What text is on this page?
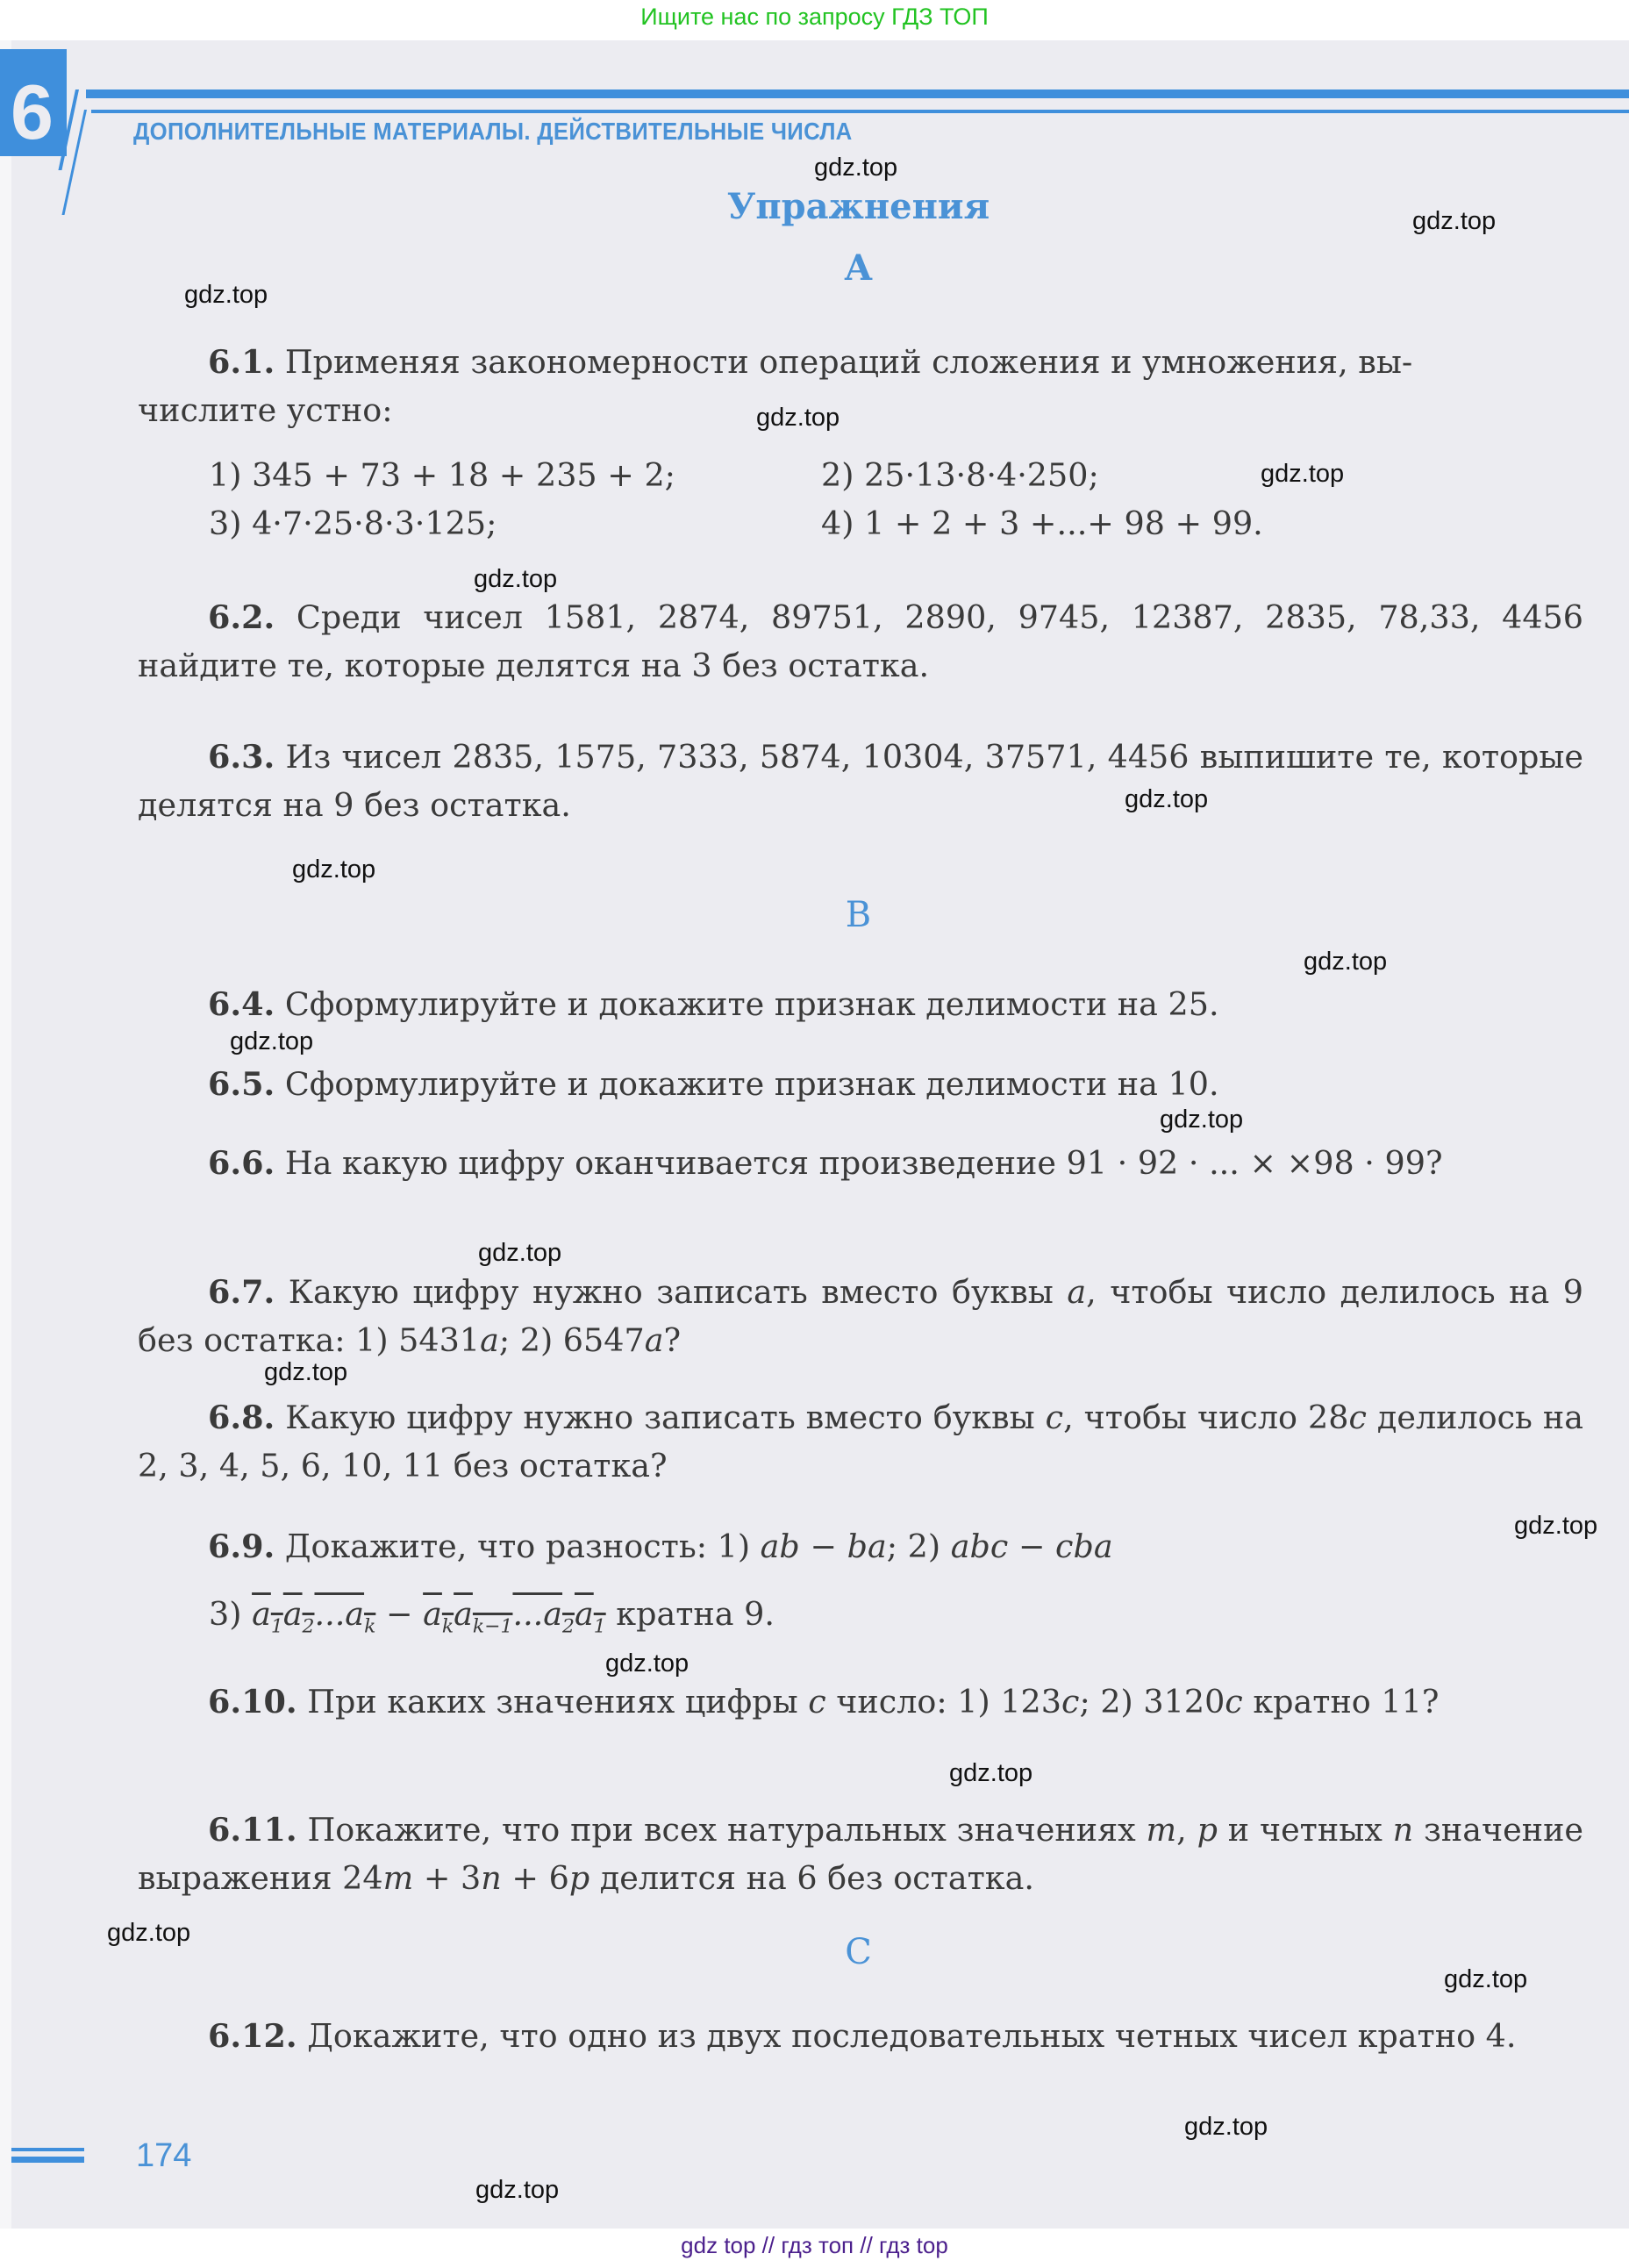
Ищите нас по запросу ГДЗ ТОП
6	ДОПОЛНИТЕЛЬНЫЕ МАТЕРИАЛЫ. ДЕЙСТВИТЕЛЬНЫЕ ЧИСЛА
Упражнения
A
6.1. Применяя закономерности операций сложения и умножения, вы-
числите устно:
1) 345 + 73 + 18 + 235 + 2;	2) 25·13·8·4·250;
3) 4·7·25·8·3·125;	4) 1 + 2 + 3 +...+ 98 + 99.
6.2. Среди чисел 1581, 2874, 89751, 2890, 9745, 12387, 2835, 78,33, 4456 найдите те, которые делятся на 3 без остатка.
6.3. Из чисел 2835, 1575, 7333, 5874, 10304, 37571, 4456 выпишите те, которые делятся на 9 без остатка.
B
6.4. Сформулируйте и докажите признак делимости на 25.
6.5. Сформулируйте и докажите признак делимости на 10.
6.6. На какую цифру оканчивается произведение 91 · 92 · ... × ×98 · 99?
6.7. Какую цифру нужно записать вместо буквы a, чтобы число делилось на 9 без остатка: 1) 5431a; 2) 6547a?
6.8. Какую цифру нужно записать вместо буквы c, чтобы число 28c делилось на 2, 3, 4, 5, 6, 10, 11 без остатка?
6.9. Докажите, что разность: 1) ab − ba; 2) abc − cba
3) $a_1a_2...a_k - a_ka_{k-1}...a_2a_1$ кратна 9.
6.10. При каких значениях цифры c число: 1) 123c; 2) 3120c кратно 11?
6.11. Покажите, что при всех натуральных значениях m, p и четных n значение выражения 24m + 3n + 6p делится на 6 без остатка.
C
6.12. Докажите, что одно из двух последовательных четных чисел кратно 4.
174
gdz.top
gdz.top
gdz.top
gdz.top
gdz.top
gdz.top
gdz.top
gdz.top
gdz.top
gdz.top
gdz.top
gdz.top
gdz.top
gdz.top
gdz.top
gdz.top
gdz.top
gdz.top
gdz.top
gdz.top
gdz top // гдз топ // гдз top
